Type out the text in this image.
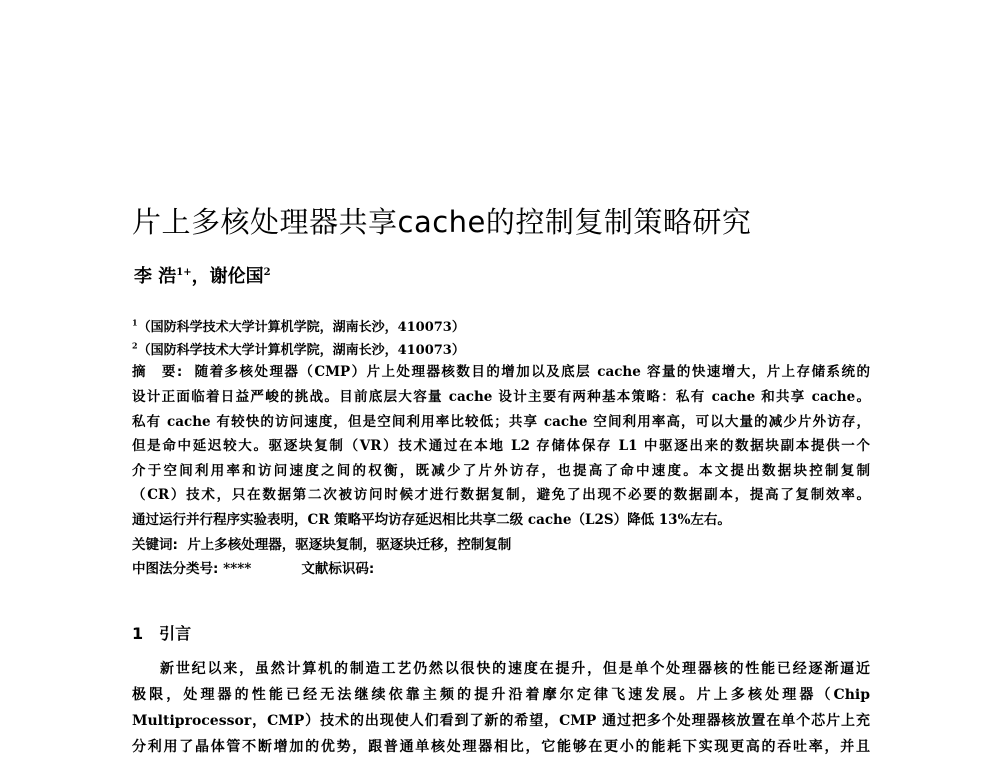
片上多核处理器共享cache的控制复制策略研究
李 浩$^{1+}$，谢伦国$^2$
$^1$（国防科学技术大学计算机学院，湖南长沙，410073）
$^2$（国防科学技术大学计算机学院，湖南长沙，410073）
摘　要: 随着多核处理器（CMP）片上处理器核数目的增加以及底层 cache 容量的快速增大，片上存储系统的
设计正面临着日益严峻的挑战。目前底层大容量 cache 设计主要有两种基本策略：私有 cache 和共享 cache。
私有 cache 有较快的访问速度，但是空间利用率比较低；共享 cache 空间利用率高，可以大量的减少片外访存，
但是命中延迟较大。驱逐块复制（VR）技术通过在本地 L2 存储体保存 L1 中驱逐出来的数据块副本提供一个
介于空间利用率和访问速度之间的权衡，既减少了片外访存，也提高了命中速度。本文提出数据块控制复制
（CR）技术，只在数据第二次被访问时候才进行数据复制，避免了出现不必要的数据副本，提高了复制效率。
通过运行并行程序实验表明，CR 策略平均访存延迟相比共享二级 cache（L2S）降低 13%左右。
关键词: 片上多核处理器，驱逐块复制，驱逐块迁移，控制复制
中图法分类号: ****	文献标识码:
1 引言
新世纪以来，虽然计算机的制造工艺仍然以很快的速度在提升，但是单个处理器核的性能已经逐渐逼近
极限，处理器的性能已经无法继续依靠主频的提升沿着摩尔定律飞速发展。片上多核处理器（Chip
Multiprocessor，CMP）技术的出现使人们看到了新的希望，CMP 通过把多个处理器核放置在单个芯片上充
分利用了晶体管不断增加的优势，跟普通单核处理器相比，它能够在更小的能耗下实现更高的吞吐率，并且
